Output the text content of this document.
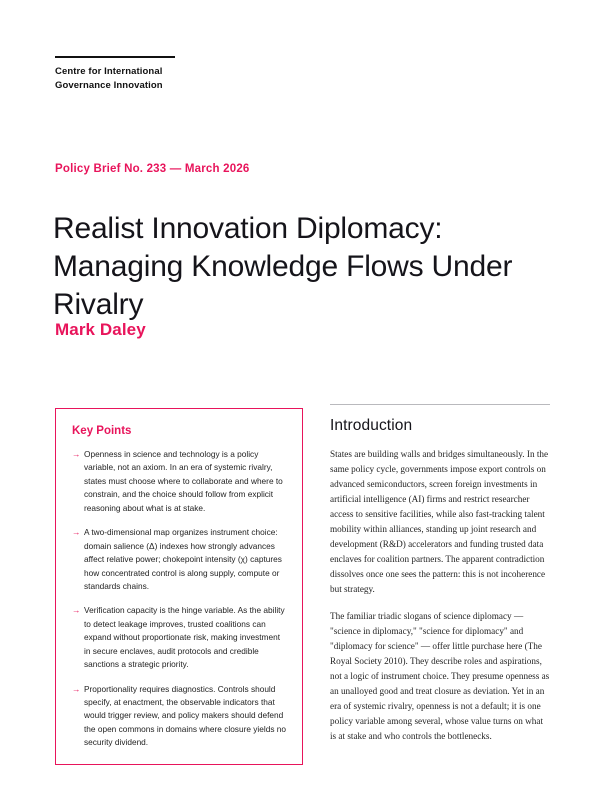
Centre for International
Governance Innovation
Policy Brief No. 233 — March 2026
Realist Innovation Diplomacy: Managing Knowledge Flows Under Rivalry
Mark Daley
Key Points
→ Openness in science and technology is a policy variable, not an axiom. In an era of systemic rivalry, states must choose where to collaborate and where to constrain, and the choice should follow from explicit reasoning about what is at stake.
→ A two-dimensional map organizes instrument choice: domain salience (Δ) indexes how strongly advances affect relative power; chokepoint intensity (χ) captures how concentrated control is along supply, compute or standards chains.
→ Verification capacity is the hinge variable. As the ability to detect leakage improves, trusted coalitions can expand without proportionate risk, making investment in secure enclaves, audit protocols and credible sanctions a strategic priority.
→ Proportionality requires diagnostics. Controls should specify, at enactment, the observable indicators that would trigger review, and policy makers should defend the open commons in domains where closure yields no security dividend.
Introduction

States are building walls and bridges simultaneously. In the same policy cycle, governments impose export controls on advanced semiconductors, screen foreign investments in artificial intelligence (AI) firms and restrict researcher access to sensitive facilities, while also fast-tracking talent mobility within alliances, standing up joint research and development (R&D) accelerators and funding trusted data enclaves for coalition partners. The apparent contradiction dissolves once one sees the pattern: this is not incoherence but strategy.

The familiar triadic slogans of science diplomacy — "science in diplomacy," "science for diplomacy" and "diplomacy for science" — offer little purchase here (The Royal Society 2010). They describe roles and aspirations, not a logic of instrument choice. They presume openness as an unalloyed good and treat closure as deviation. Yet in an era of systemic rivalry, openness is not a default; it is one policy variable among several, whose value turns on what is at stake and who controls the bottlenecks.
